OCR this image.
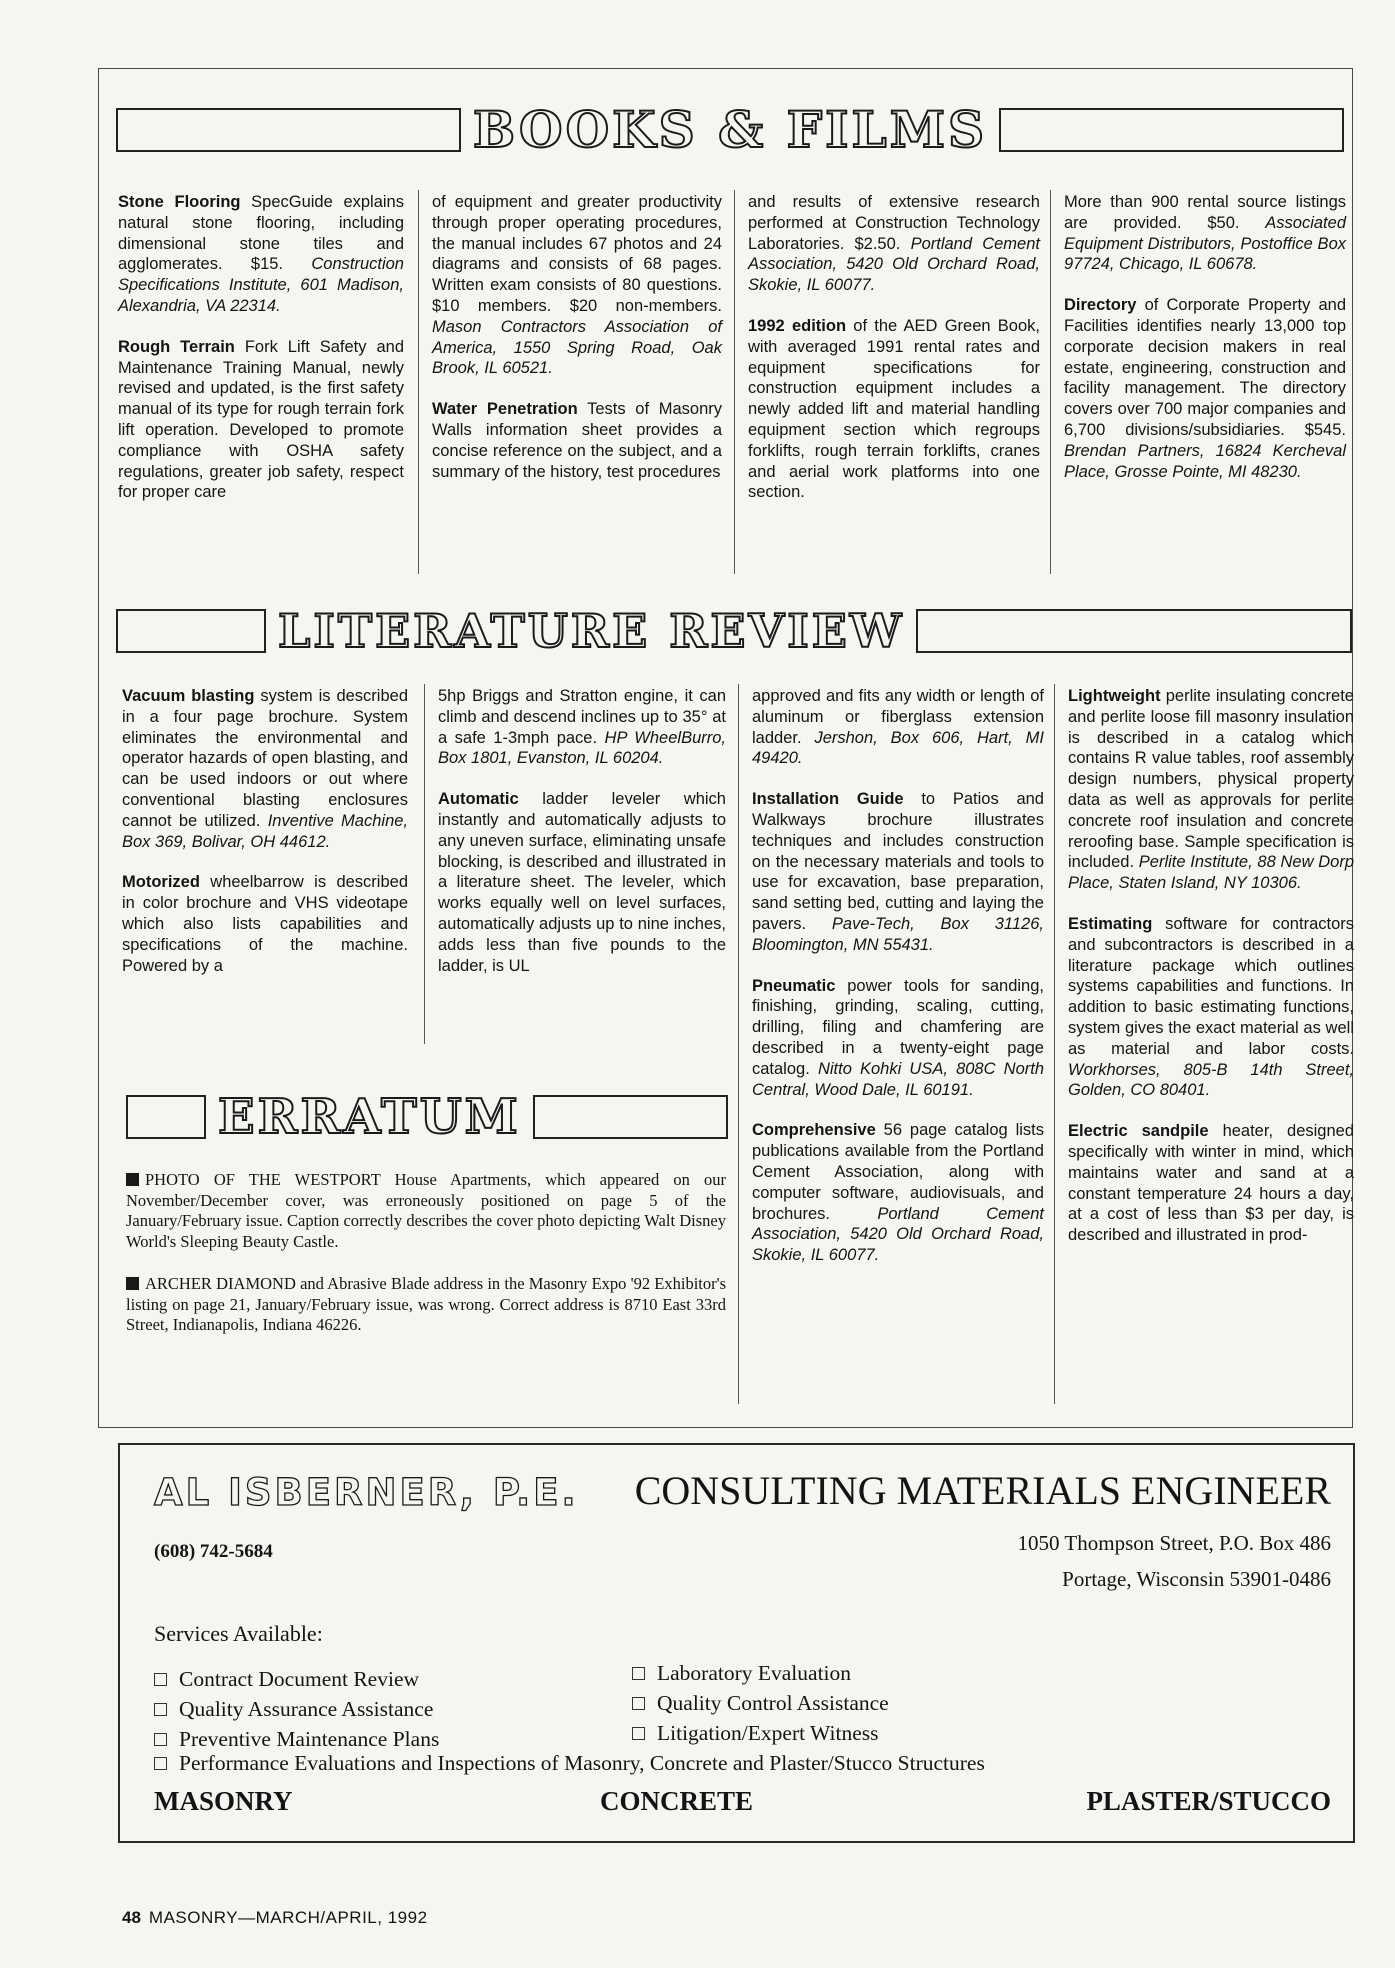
BOOKS & FILMS

Stone Flooring SpecGuide explains natural stone flooring, including dimensional stone tiles and agglomerates. $15. Construction Specifications Institute, 601 Madison, Alexandria, VA 22314.

Rough Terrain Fork Lift Safety and Maintenance Training Manual, newly revised and updated, is the first safety manual of its type for rough terrain fork lift operation. Developed to promote compliance with OSHA safety regulations, greater job safety, respect for proper care

of equipment and greater productivity through proper operating procedures, the manual includes 67 photos and 24 diagrams and consists of 68 pages. Written exam consists of 80 questions. $10 members. $20 non-members. Mason Contractors Association of America, 1550 Spring Road, Oak Brook, IL 60521.

Water Penetration Tests of Masonry Walls information sheet provides a concise reference on the subject, and a summary of the history, test procedures

and results of extensive research performed at Construction Technology Laboratories. $2.50. Portland Cement Association, 5420 Old Orchard Road, Skokie, IL 60077.

1992 edition of the AED Green Book, with averaged 1991 rental rates and equipment specifications for construction equipment includes a newly added lift and material handling equipment section which regroups forklifts, rough terrain forklifts, cranes and aerial work platforms into one section.

More than 900 rental source listings are provided. $50. Associated Equipment Distributors, Postoffice Box 97724, Chicago, IL 60678.

Directory of Corporate Property and Facilities identifies nearly 13,000 top corporate decision makers in real estate, engineering, construction and facility management. The directory covers over 700 major companies and 6,700 divisions/subsidiaries. $545. Brendan Partners, 16824 Kercheval Place, Grosse Pointe, MI 48230.

LITERATURE REVIEW

Vacuum blasting system is described in a four page brochure. System eliminates the environmental and operator hazards of open blasting, and can be used indoors or out where conventional blasting enclosures cannot be utilized. Inventive Machine, Box 369, Bolivar, OH 44612.

Motorized wheelbarrow is described in color brochure and VHS videotape which also lists capabilities and specifications of the machine. Powered by a

5hp Briggs and Stratton engine, it can climb and descend inclines up to 35° at a safe 1-3mph pace. HP WheelBurro, Box 1801, Evanston, IL 60204.

Automatic ladder leveler which instantly and automatically adjusts to any uneven surface, eliminating unsafe blocking, is described and illustrated in a literature sheet. The leveler, which works equally well on level surfaces, automatically adjusts up to nine inches, adds less than five pounds to the ladder, is UL

approved and fits any width or length of aluminum or fiberglass extension ladder. Jershon, Box 606, Hart, MI 49420.

Installation Guide to Patios and Walkways brochure illustrates techniques and includes construction on the necessary materials and tools to use for excavation, base preparation, sand setting bed, cutting and laying the pavers. Pave-Tech, Box 31126, Bloomington, MN 55431.

Pneumatic power tools for sanding, finishing, grinding, scaling, cutting, drilling, filing and chamfering are described in a twenty-eight page catalog. Nitto Kohki USA, 808C North Central, Wood Dale, IL 60191.

Comprehensive 56 page catalog lists publications available from the Portland Cement Association, along with computer software, audiovisuals, and brochures. Portland Cement Association, 5420 Old Orchard Road, Skokie, IL 60077.

Lightweight perlite insulating concrete and perlite loose fill masonry insulation is described in a catalog which contains R value tables, roof assembly design numbers, physical property data as well as approvals for perlite concrete roof insulation and concrete reroofing base. Sample specification is included. Perlite Institute, 88 New Dorp Place, Staten Island, NY 10306.

Estimating software for contractors and subcontractors is described in a literature package which outlines systems capabilities and functions. In addition to basic estimating functions, system gives the exact material as well as material and labor costs. Workhorses, 805-B 14th Street, Golden, CO 80401.

Electric sandpile heater, designed specifically with winter in mind, which maintains water and sand at a constant temperature 24 hours a day, at a cost of less than $3 per day, is described and illustrated in prod-

ERRATUM

PHOTO OF THE WESTPORT House Apartments, which appeared on our November/December cover, was erroneously positioned on page 5 of the January/February issue. Caption correctly describes the cover photo depicting Walt Disney World's Sleeping Beauty Castle.

ARCHER DIAMOND and Abrasive Blade address in the Masonry Expo '92 Exhibitor's listing on page 21, January/February issue, was wrong. Correct address is 8710 East 33rd Street, Indianapolis, Indiana 46226.

AL ISBERNER, P.E. CONSULTING MATERIALS ENGINEER
(608) 742-5684	1050 Thompson Street, P.O. Box 486
Portage, Wisconsin 53901-0486
Services Available:
Contract Document Review
Quality Assurance Assistance
Preventive Maintenance Plans
Laboratory Evaluation
Quality Control Assistance
Litigation/Expert Witness
Performance Evaluations and Inspections of Masonry, Concrete and Plaster/Stucco Structures
MASONRY	CONCRETE	PLASTER/STUCCO
48 MASONRY—MARCH/APRIL, 1992
